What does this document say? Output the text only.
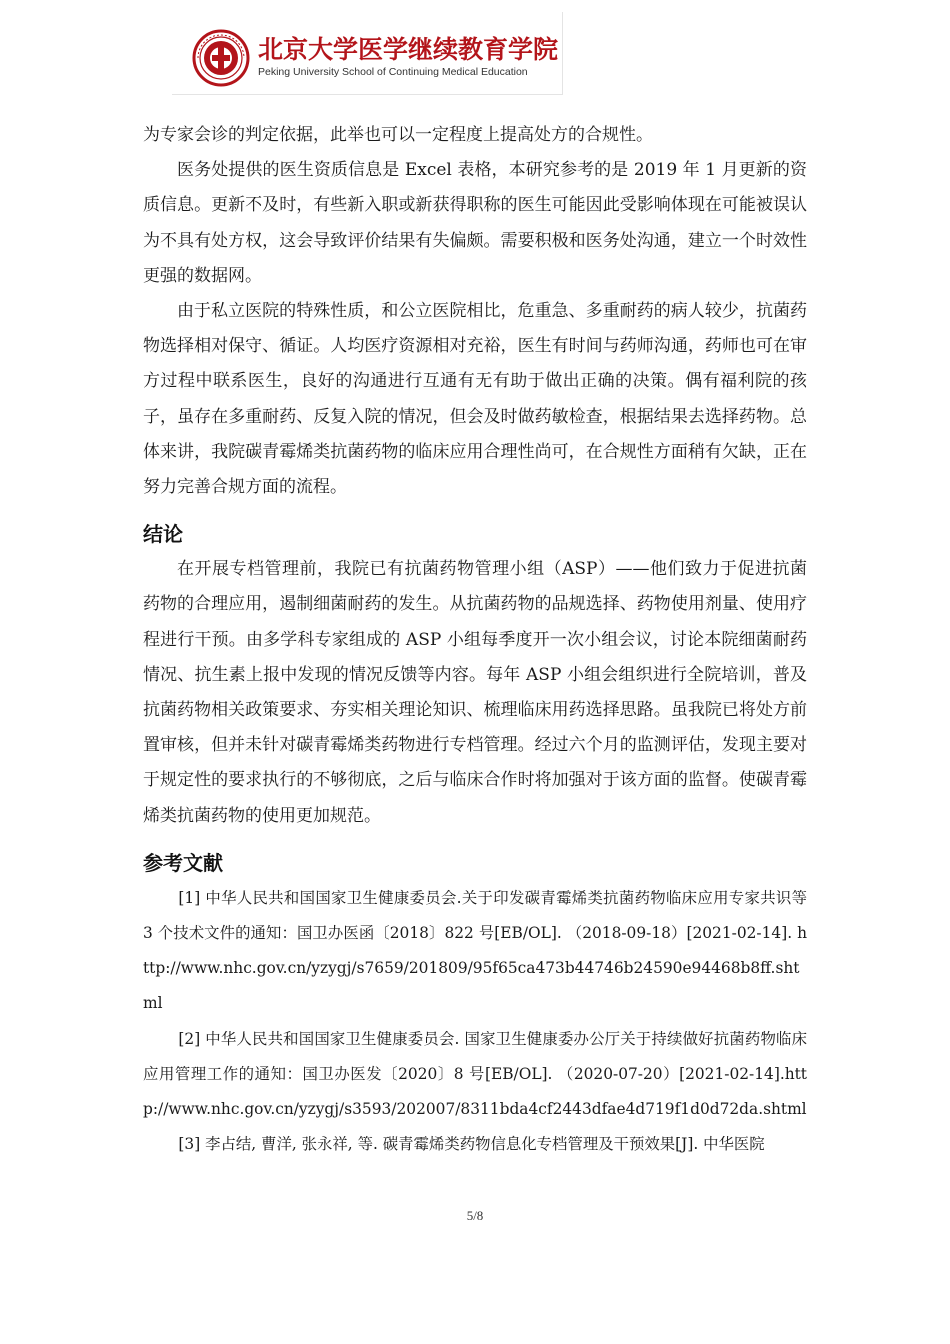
北京大学医学继续教育学院
Peking University School of Continuing Medical Education
为专家会诊的判定依据，此举也可以一定程度上提高处方的合规性。
医务处提供的医生资质信息是 Excel 表格，本研究参考的是 2019 年 1 月更新的资质信息。更新不及时，有些新入职或新获得职称的医生可能因此受影响体现在可能被误认为不具有处方权，这会导致评价结果有失偏颇。需要积极和医务处沟通，建立一个时效性更强的数据网。
由于私立医院的特殊性质，和公立医院相比，危重急、多重耐药的病人较少，抗菌药物选择相对保守、循证。人均医疗资源相对充裕，医生有时间与药师沟通，药师也可在审方过程中联系医生，良好的沟通进行互通有无有助于做出正确的决策。偶有福利院的孩子，虽存在多重耐药、反复入院的情况，但会及时做药敏检查，根据结果去选择药物。总体来讲，我院碳青霉烯类抗菌药物的临床应用合理性尚可，在合规性方面稍有欠缺，正在努力完善合规方面的流程。
结论
在开展专档管理前，我院已有抗菌药物管理小组（ASP）——他们致力于促进抗菌药物的合理应用，遏制细菌耐药的发生。从抗菌药物的品规选择、药物使用剂量、使用疗程进行干预。由多学科专家组成的 ASP 小组每季度开一次小组会议，讨论本院细菌耐药情况、抗生素上报中发现的情况反馈等内容。每年 ASP 小组会组织进行全院培训，普及抗菌药物相关政策要求、夯实相关理论知识、梳理临床用药选择思路。虽我院已将处方前置审核，但并未针对碳青霉烯类药物进行专档管理。经过六个月的监测评估，发现主要对于规定性的要求执行的不够彻底，之后与临床合作时将加强对于该方面的监督。使碳青霉烯类抗菌药物的使用更加规范。
参考文献
[1] 中华人民共和国国家卫生健康委员会.关于印发碳青霉烯类抗菌药物临床应用专家共识等 3 个技术文件的通知：国卫办医函〔2018〕822 号[EB/OL]. （2018-09-18）[2021-02-14]. http://www.nhc.gov.cn/yzygj/s7659/201809/95f65ca473b44746b24590e94468b8ff.shtml
[2] 中华人民共和国国家卫生健康委员会. 国家卫生健康委办公厅关于持续做好抗菌药物临床应用管理工作的通知：国卫办医发〔2020〕8 号[EB/OL]. （2020-07-20）[2021-02-14].http://www.nhc.gov.cn/yzygj/s3593/202007/8311bda4cf2443dfae4d719f1d0d72da.shtml
[3] 李占结, 曹洋, 张永祥, 等. 碳青霉烯类药物信息化专档管理及干预效果[J]. 中华医院
5/8
